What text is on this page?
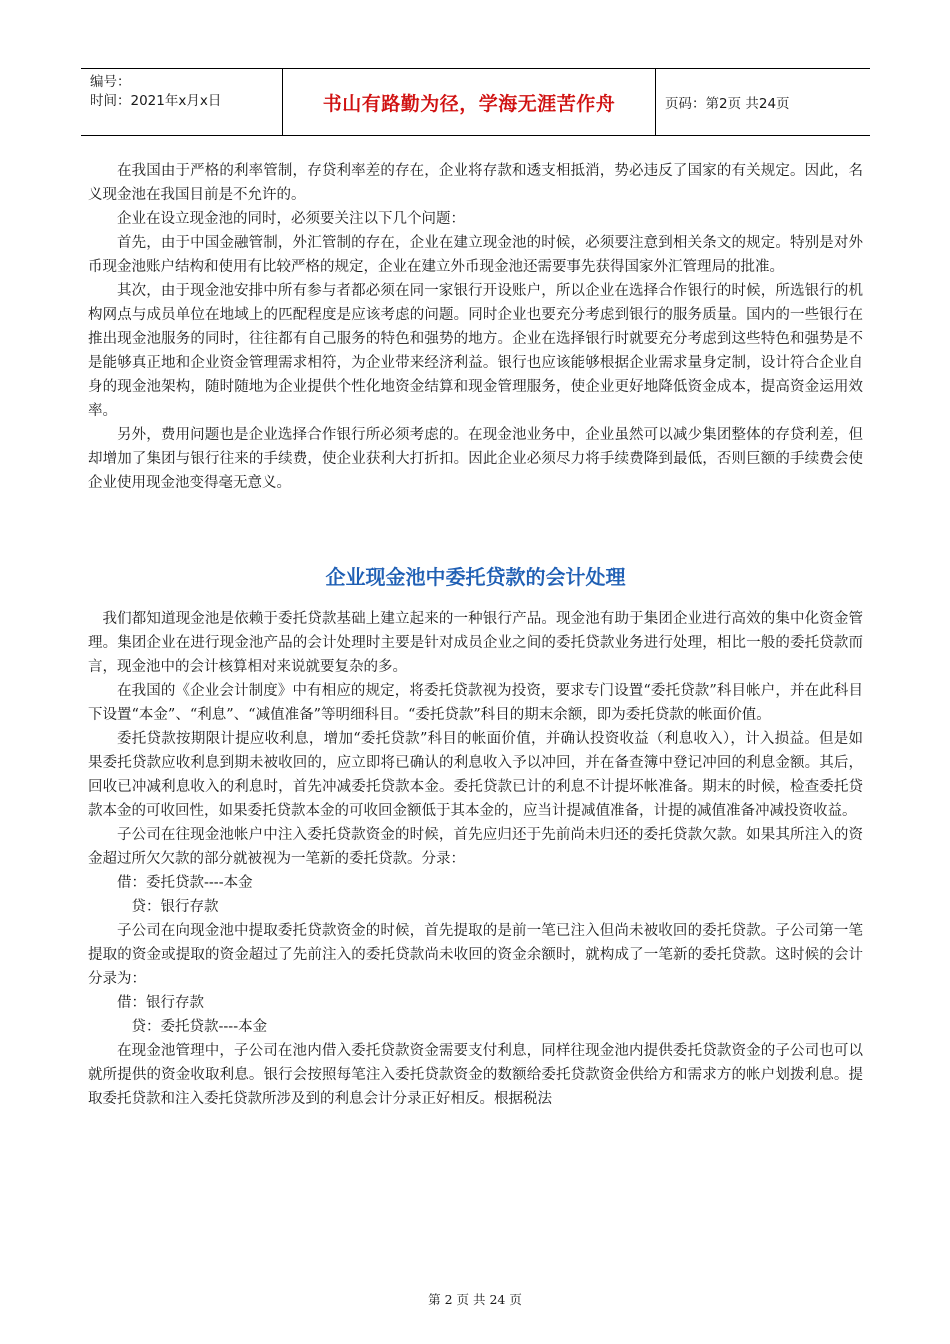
编号：
时间：2021年x月x日	书山有路勤为径，学海无涯苦作舟	页码：第2页 共24页

在我国由于严格的利率管制，存贷利率差的存在，企业将存款和透支相抵消，势必违反了国家的有关规定。因此，名义现金池在我国目前是不允许的。

企业在设立现金池的同时，必须要关注以下几个问题：

首先，由于中国金融管制，外汇管制的存在，企业在建立现金池的时候，必须要注意到相关条文的规定。特别是对外币现金池账户结构和使用有比较严格的规定，企业在建立外币现金池还需要事先获得国家外汇管理局的批准。

其次，由于现金池安排中所有参与者都必须在同一家银行开设账户，所以企业在选择合作银行的时候，所选银行的机构网点与成员单位在地域上的匹配程度是应该考虑的问题。同时企业也要充分考虑到银行的服务质量。国内的一些银行在推出现金池服务的同时，往往都有自己服务的特色和强势的地方。企业在选择银行时就要充分考虑到这些特色和强势是不是能够真正地和企业资金管理需求相符，为企业带来经济利益。银行也应该能够根据企业需求量身定制，设计符合企业自身的现金池架构，随时随地为企业提供个性化地资金结算和现金管理服务，使企业更好地降低资金成本，提高资金运用效率。

另外，费用问题也是企业选择合作银行所必须考虑的。在现金池业务中，企业虽然可以减少集团整体的存贷利差，但却增加了集团与银行往来的手续费，使企业获利大打折扣。因此企业必须尽力将手续费降到最低，否则巨额的手续费会使企业使用现金池变得毫无意义。

企业现金池中委托贷款的会计处理

我们都知道现金池是依赖于委托贷款基础上建立起来的一种银行产品。现金池有助于集团企业进行高效的集中化资金管理。集团企业在进行现金池产品的会计处理时主要是针对成员企业之间的委托贷款业务进行处理，相比一般的委托贷款而言，现金池中的会计核算相对来说就要复杂的多。

在我国的《企业会计制度》中有相应的规定，将委托贷款视为投资，要求专门设置“委托贷款”科目帐户，并在此科目下设置“本金”、“利息”、“减值准备”等明细科目。“委托贷款”科目的期末余额，即为委托贷款的帐面价值。

委托贷款按期限计提应收利息，增加“委托贷款”科目的帐面价值，并确认投资收益（利息收入），计入损益。但是如果委托贷款应收利息到期未被收回的，应立即将已确认的利息收入予以冲回，并在备查簿中登记冲回的利息金额。其后，回收已冲减利息收入的利息时，首先冲减委托贷款本金。委托贷款已计的利息不计提坏帐准备。期末的时候，检查委托贷款本金的可收回性，如果委托贷款本金的可收回金额低于其本金的，应当计提减值准备，计提的减值准备冲减投资收益。

子公司在往现金池帐户中注入委托贷款资金的时候，首先应归还于先前尚未归还的委托贷款欠款。如果其所注入的资金超过所欠欠款的部分就被视为一笔新的委托贷款。分录：

借：委托贷款----本金

贷：银行存款

子公司在向现金池中提取委托贷款资金的时候，首先提取的是前一笔已注入但尚未被收回的委托贷款。子公司第一笔提取的资金或提取的资金超过了先前注入的委托贷款尚未收回的资金余额时，就构成了一笔新的委托贷款。这时候的会计分录为：

借：银行存款

贷：委托贷款----本金

在现金池管理中，子公司在池内借入委托贷款资金需要支付利息，同样往现金池内提供委托贷款资金的子公司也可以就所提供的资金收取利息。银行会按照每笔注入委托贷款资金的数额给委托贷款资金供给方和需求方的帐户划拨利息。提取委托贷款和注入委托贷款所涉及到的利息会计分录正好相反。根据税法

第 2 页 共 24 页
